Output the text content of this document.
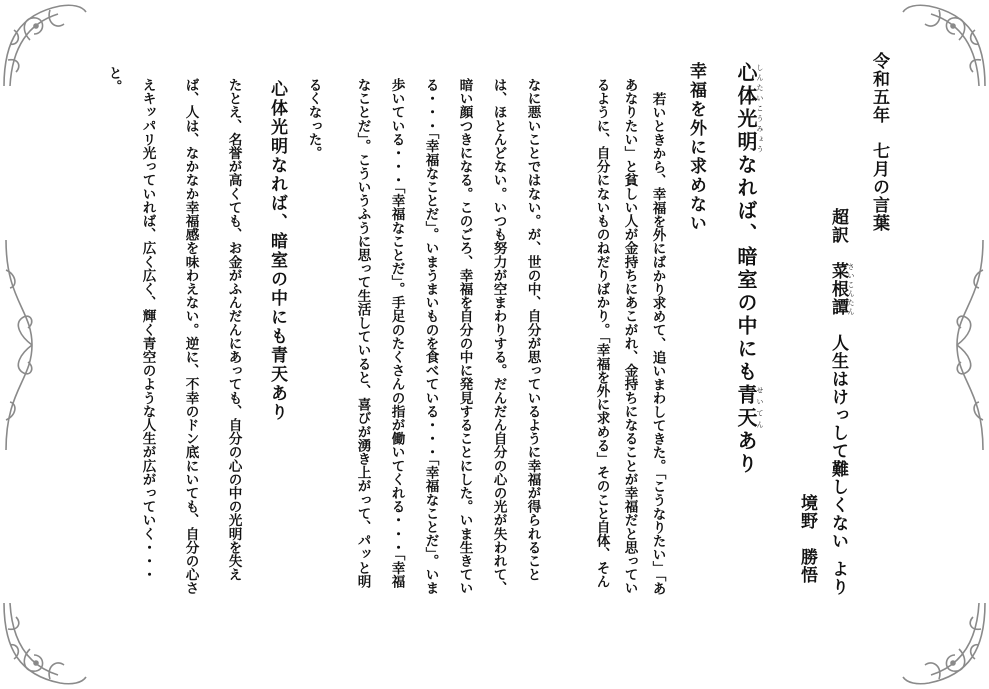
令和五年　七月の言葉
超訳　菜根譚 さいこんたん　人生はけっして難しくないより
境野　勝悟
心体光明しんたいこうみょうなれば、暗室の中にも青天せいてんあり
幸福を外に求めない
若いときから、幸福を外にばかり求めて、追いまわしてきた。「こうなりたい」「あ
あなりたい」と貧しい人が金持ちにあこがれ、金持ちになることが幸福だと思ってい
るように、自分にないものねだりばかり。「幸福を外に求める」そのこと自体、そん
なに悪いことではない。が、世の中、自分が思っているように幸福が得られること
は、ほとんどない。いつも努力が空まわりする。だんだん自分の心の光が失われて、
暗い顔つきになる。このごろ、幸福を自分の中に発見することにした。いま生きてい
る・・・「幸福なことだ」。いまうまいものを食べている・・・「幸福なことだ」。いま
歩いている・・・「幸福なことだ」。手足のたくさんの指が働いてくれる・・・「幸福
なことだ」。こういうふうに思って生活していると、喜びが湧き上がって、パッと明
るくなった。
心体光明なれば、暗室の中にも青天あり
たとえ、名誉が高くても、お金がふんだんにあっても、自分の心の中の光明を失え
ば、人は、なかなか幸福感を味わえない。逆に、不幸のドン底にいても、自分の心さ
えキッパリ光っていれば、広く広く、輝く青空のような人生が広がっていく・・・
と。
